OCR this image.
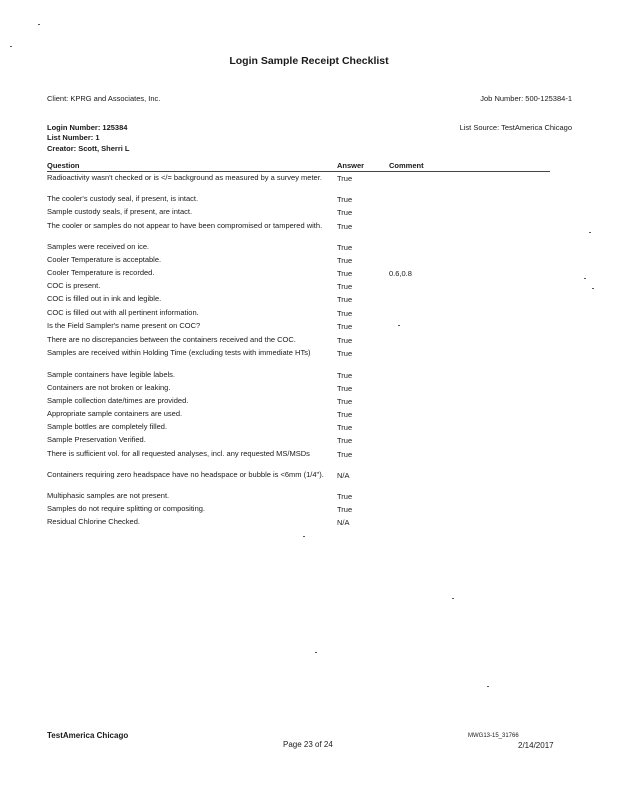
Login Sample Receipt Checklist
Client: KPRG and Associates, Inc.	Job Number: 500-125384-1
Login Number: 125384
List Number: 1
Creator: Scott, Sherri L
List Source: TestAmerica Chicago
Question	Answer	Comment
Radioactivity wasn't checked or is </= background as measured by a survey meter.	True
The cooler's custody seal, if present, is intact.	True
Sample custody seals, if present, are intact.	True
The cooler or samples do not appear to have been compromised or tampered with.	True
Samples were received on ice.	True
Cooler Temperature is acceptable.	True
Cooler Temperature is recorded.	True	0.6,0.8
COC is present.	True
COC is filled out in ink and legible.	True
COC is filled out with all pertinent information.	True
Is the Field Sampler's name present on COC?	True
There are no discrepancies between the containers received and the COC.	True
Samples are received within Holding Time (excluding tests with immediate HTs)	True
Sample containers have legible labels.	True
Containers are not broken or leaking.	True
Sample collection date/times are provided.	True
Appropriate sample containers are used.	True
Sample bottles are completely filled.	True
Sample Preservation Verified.	True
There is sufficient vol. for all requested analyses, incl. any requested MS/MSDs	True
Containers requiring zero headspace have no headspace or bubble is <6mm (1/4").	N/A
Multiphasic samples are not present.	True
Samples do not require splitting or compositing.	True
Residual Chlorine Checked.	N/A
TestAmerica Chicago
Page 23 of 24
MWG13-15_31766
2/14/2017
